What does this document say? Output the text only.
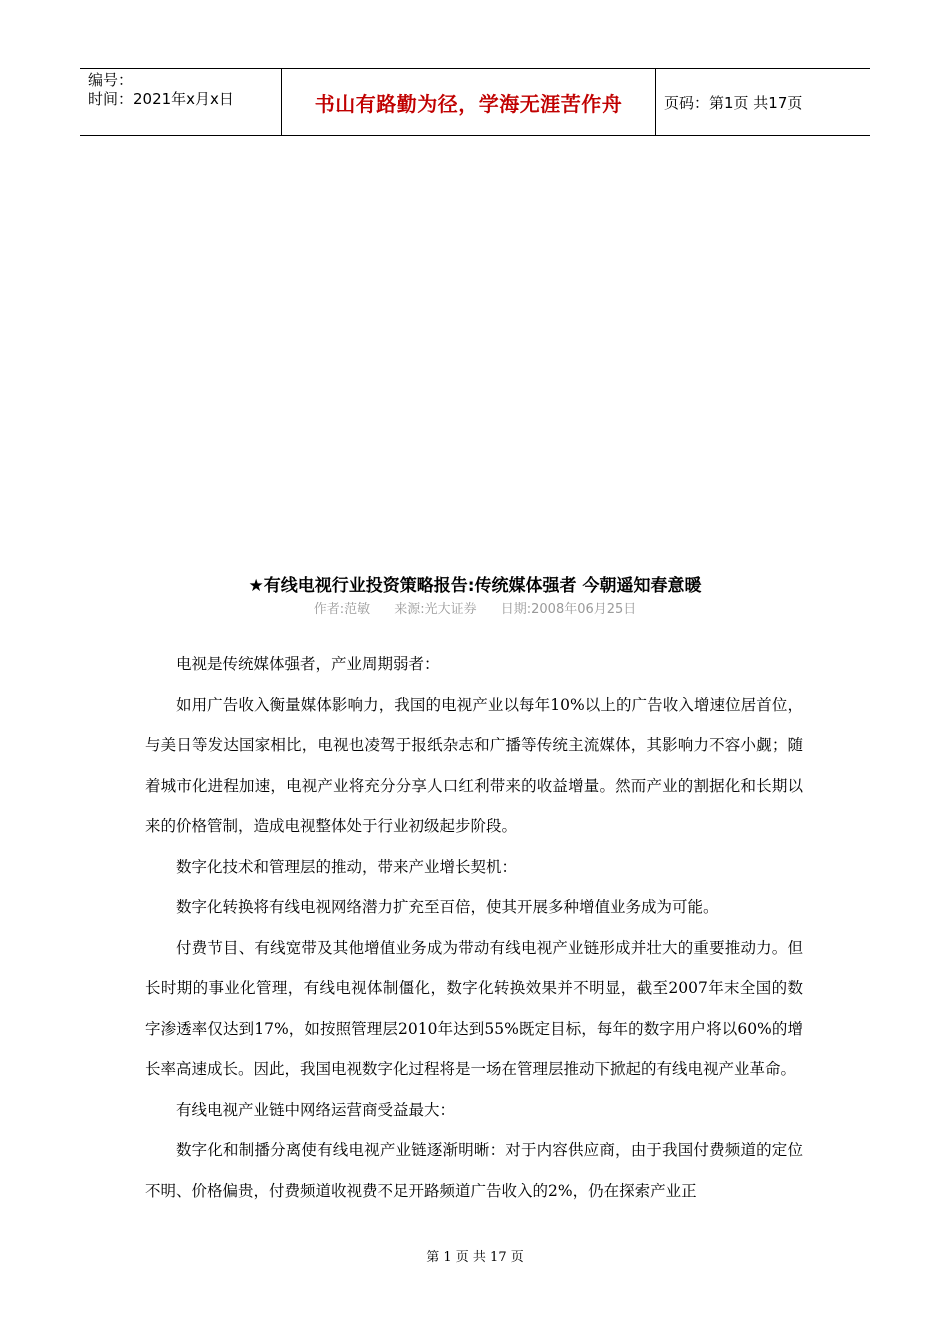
编号：
时间：2021年x月x日	书山有路勤为径，学海无涯苦作舟	页码：第1页 共17页
★有线电视行业投资策略报告:传统媒体强者 今朝遥知春意暖
作者:范敏 来源:光大证券 日期:2008年06月25日

电视是传统媒体强者，产业周期弱者：

如用广告收入衡量媒体影响力，我国的电视产业以每年10%以上的广告收入增速位居首位，与美日等发达国家相比，电视也凌驾于报纸杂志和广播等传统主流媒体，其影响力不容小觑；随着城市化进程加速，电视产业将充分分享人口红利带来的收益增量。然而产业的割据化和长期以来的价格管制，造成电视整体处于行业初级起步阶段。

数字化技术和管理层的推动，带来产业增长契机：

数字化转换将有线电视网络潜力扩充至百倍，使其开展多种增值业务成为可能。

付费节目、有线宽带及其他增值业务成为带动有线电视产业链形成并壮大的重要推动力。但长时期的事业化管理，有线电视体制僵化，数字化转换效果并不明显，截至2007年末全国的数字渗透率仅达到17%，如按照管理层2010年达到55%既定目标，每年的数字用户将以60%的增长率高速成长。因此，我国电视数字化过程将是一场在管理层推动下掀起的有线电视产业革命。

有线电视产业链中网络运营商受益最大：

数字化和制播分离使有线电视产业链逐渐明晰：对于内容供应商，由于我国付费频道的定位不明、价格偏贵，付费频道收视费不足开路频道广告收入的2%，仍在探索产业正

第 1 页 共 17 页
